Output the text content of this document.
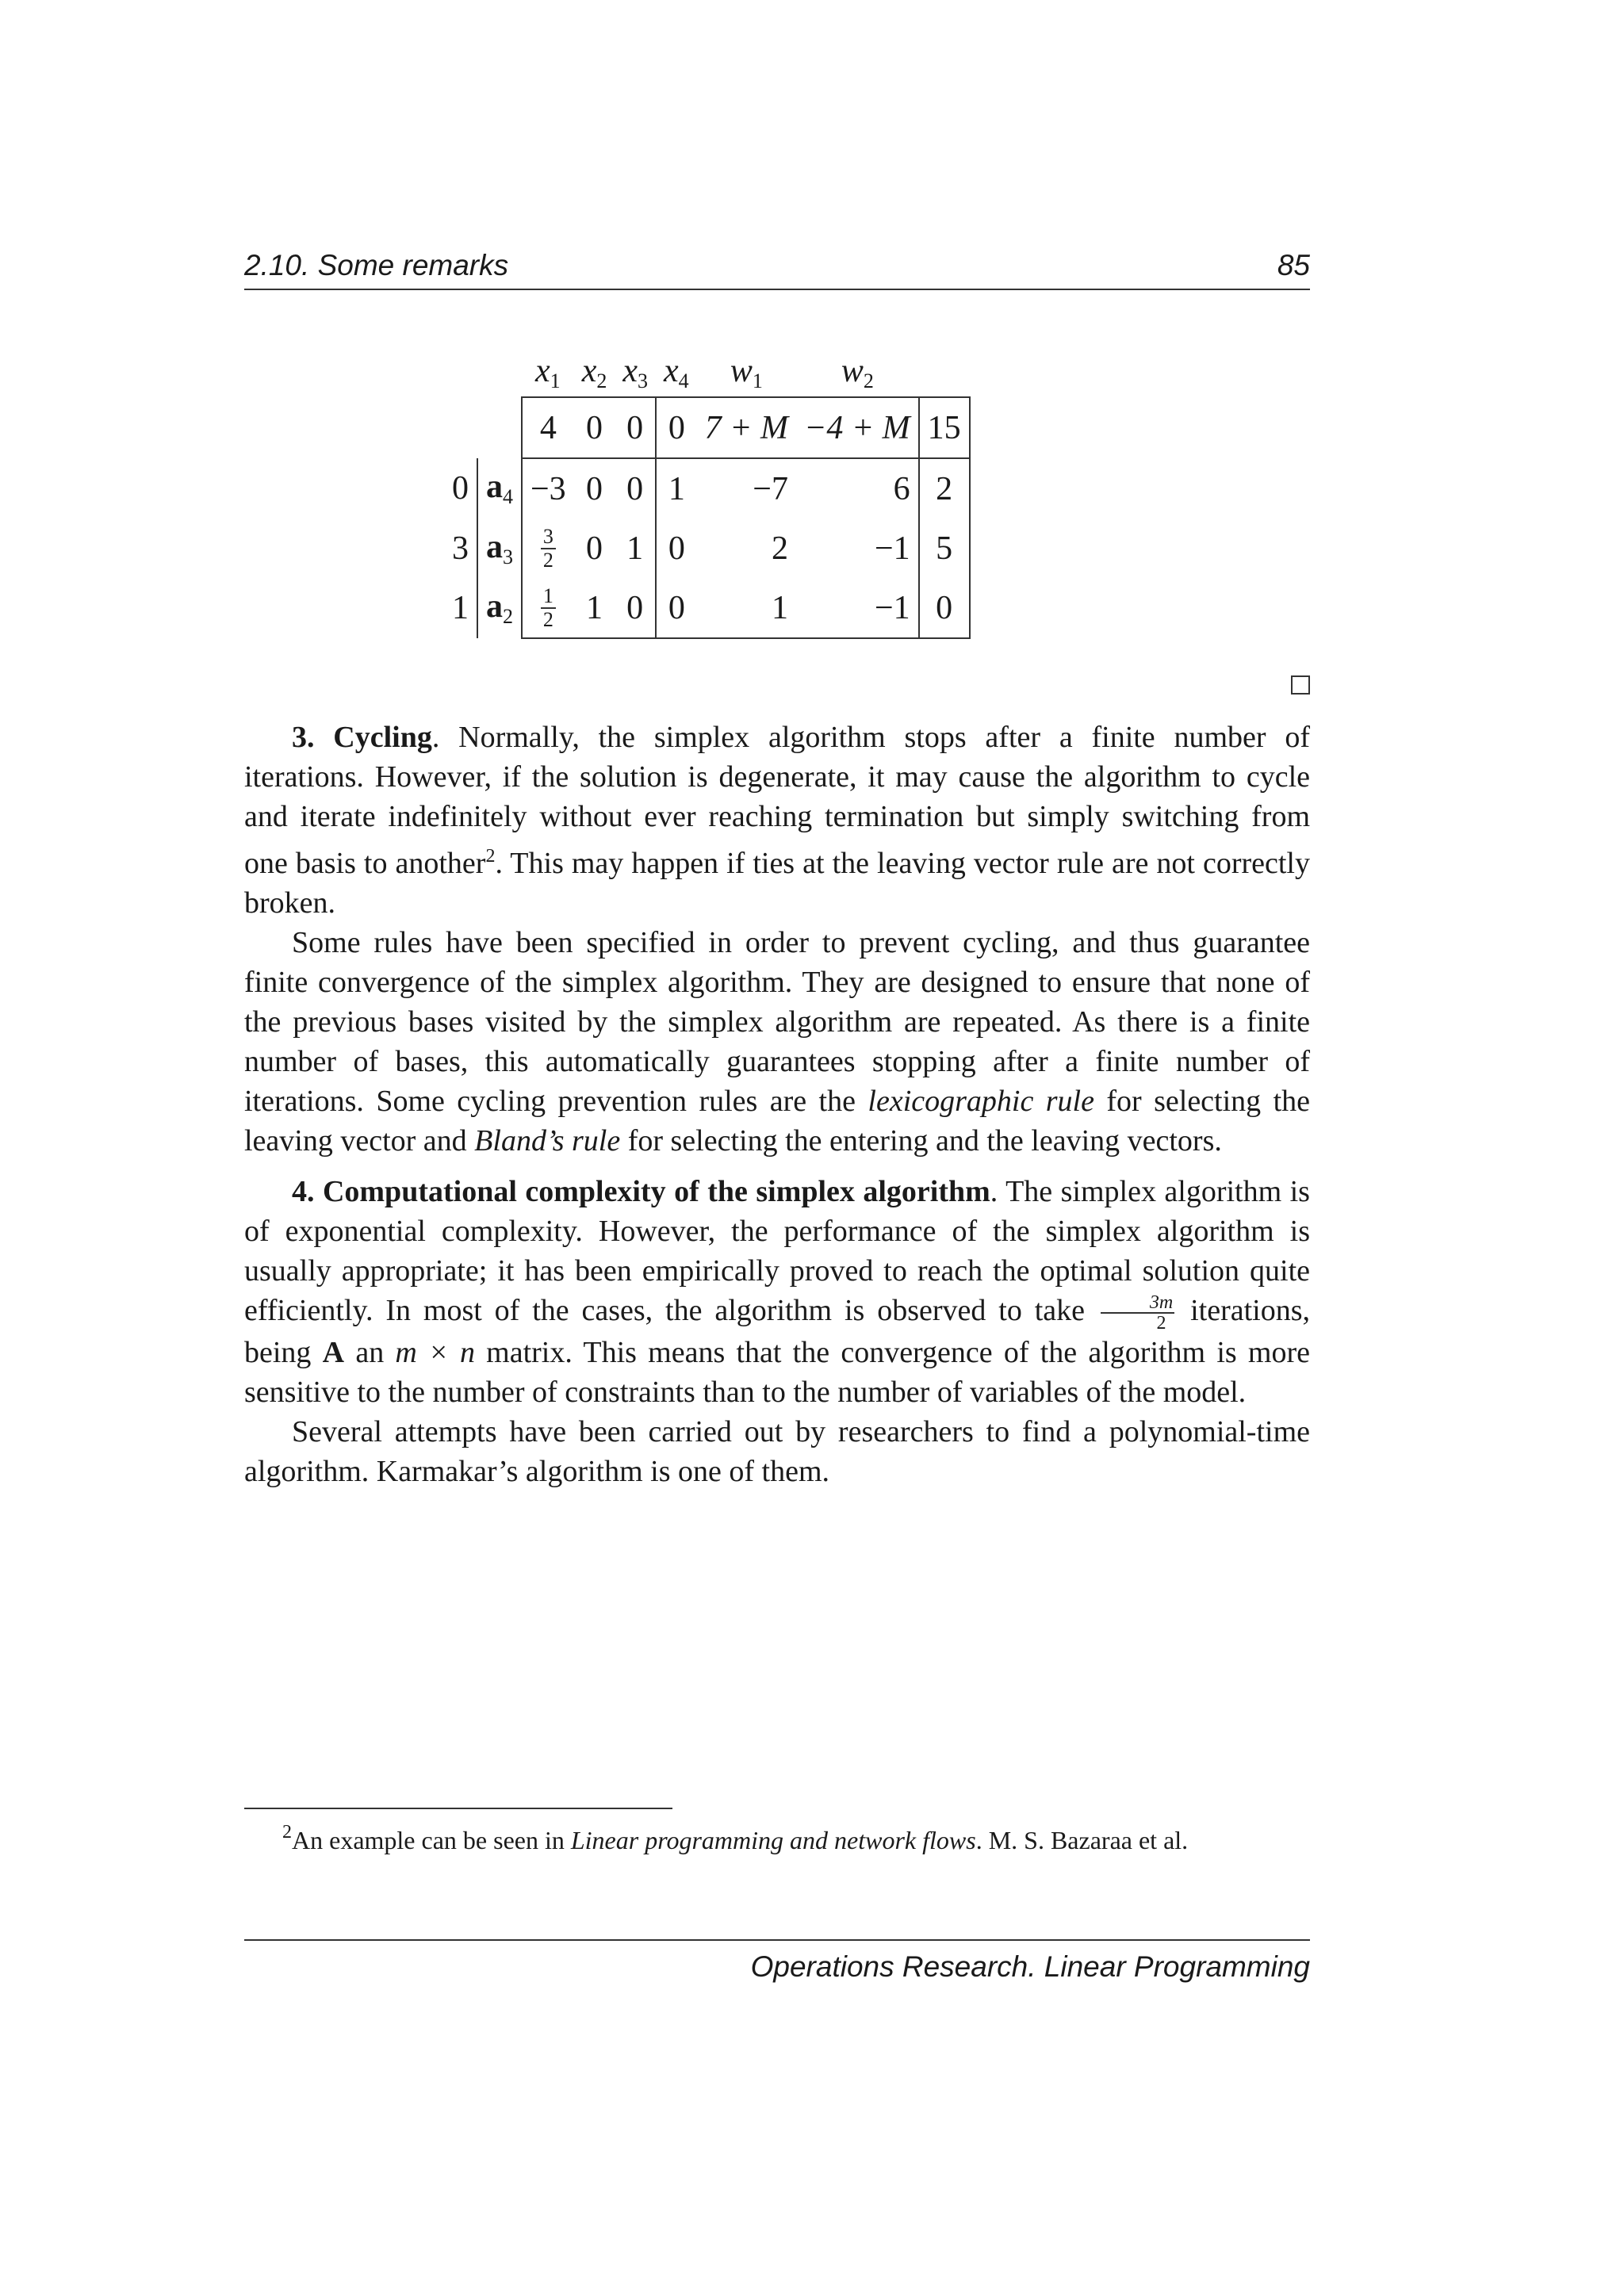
2.10. Some remarks	85
		$x_1$	$x_2$	$x_3$	$x_4$	$w_1$	$w_2$	
		4	0	0	0	7 + M	−4 + M	15
0	$a_4$	−3	0	0	1	−7	6	2
3	$a_3$	$\frac{3}{2}$	0	1	0	2	−1	5
1	$a_2$	$\frac{1}{2}$	1	0	0	1	−1	0

3. Cycling. Normally, the simplex algorithm stops after a finite number of iterations. However, if the solution is degenerate, it may cause the algorithm to cycle and iterate indefinitely without ever reaching termination but simply switching from one basis to another$^2$. This may happen if ties at the leaving vector rule are not correctly broken.

Some rules have been specified in order to prevent cycling, and thus guarantee finite convergence of the simplex algorithm. They are designed to ensure that none of the previous bases visited by the simplex algorithm are repeated. As there is a finite number of bases, this automatically guarantees stopping after a finite number of iterations. Some cycling prevention rules are the lexicographic rule for selecting the leaving vector and Bland’s rule for selecting the entering and the leaving vectors.

4. Computational complexity of the simplex algorithm. The simplex algorithm is of exponential complexity. However, the performance of the simplex algorithm is usually appropriate; it has been empirically proved to reach the optimal solution quite efficiently. In most of the cases, the algorithm is observed to take $\frac{3m}{2}$ iterations, being A an m × n matrix. This means that the convergence of the algorithm is more sensitive to the number of constraints than to the number of variables of the model.

Several attempts have been carried out by researchers to find a polynomial-time algorithm. Karmakar’s algorithm is one of them.

$^2$An example can be seen in Linear programming and network flows. M. S. Bazaraa et al.
Operations Research. Linear Programming
